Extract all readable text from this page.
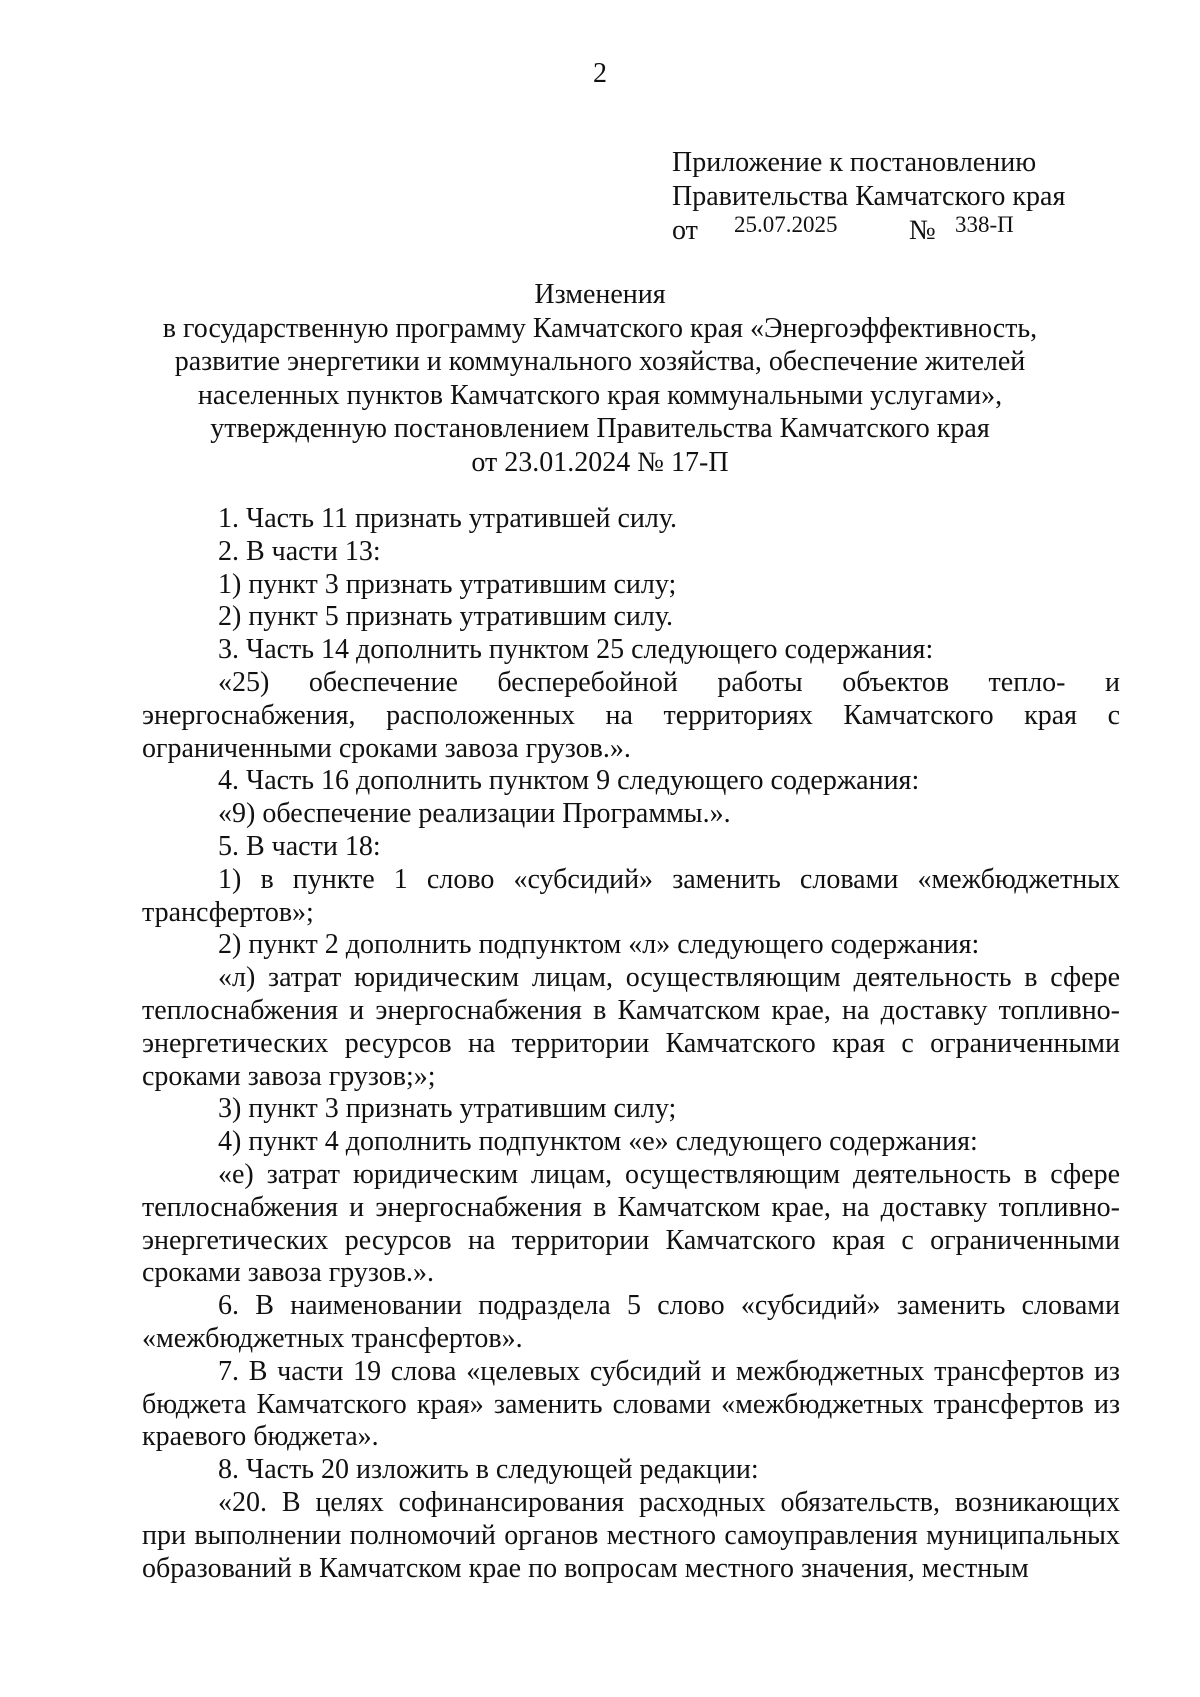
2
Приложение к постановлению
Правительства Камчатского края
от 25.07.2025	№ 338-П
Изменения
в государственную программу Камчатского края «Энергоэффективность,
развитие энергетики и коммунального хозяйства, обеспечение жителей
населенных пунктов Камчатского края коммунальными услугами»,
утвержденную постановлением Правительства Камчатского края
от 23.01.2024 № 17-П

1. Часть 11 признать утратившей силу.

2. В части 13:

1) пункт 3 признать утратившим силу;

2) пункт 5 признать утратившим силу.

3. Часть 14 дополнить пунктом 25 следующего содержания:

«25) обеспечение бесперебойной работы объектов тепло- и энергоснабжения, расположенных на территориях Камчатского края с ограниченными сроками завоза грузов.».

4. Часть 16 дополнить пунктом 9 следующего содержания:

«9) обеспечение реализации Программы.».

5. В части 18:

1) в пункте 1 слово «субсидий» заменить словами «межбюджетных трансфертов»;

2) пункт 2 дополнить подпунктом «л» следующего содержания:

«л) затрат юридическим лицам, осуществляющим деятельность в сфере теплоснабжения и энергоснабжения в Камчатском крае, на доставку топливно-энергетических ресурсов на территории Камчатского края с ограниченными сроками завоза грузов;»;

3) пункт 3 признать утратившим силу;

4) пункт 4 дополнить подпунктом «е» следующего содержания:

«е) затрат юридическим лицам, осуществляющим деятельность в сфере теплоснабжения и энергоснабжения в Камчатском крае, на доставку топливно-энергетических ресурсов на территории Камчатского края с ограниченными сроками завоза грузов.».

6. В наименовании подраздела 5 слово «субсидий» заменить словами «межбюджетных трансфертов».

7. В части 19 слова «целевых субсидий и межбюджетных трансфертов из бюджета Камчатского края» заменить словами «межбюджетных трансфертов из краевого бюджета».

8. Часть 20 изложить в следующей редакции:

«20. В целях софинансирования расходных обязательств, возникающих при выполнении полномочий органов местного самоуправления муниципальных образований в Камчатском крае по вопросам местного значения, местным
